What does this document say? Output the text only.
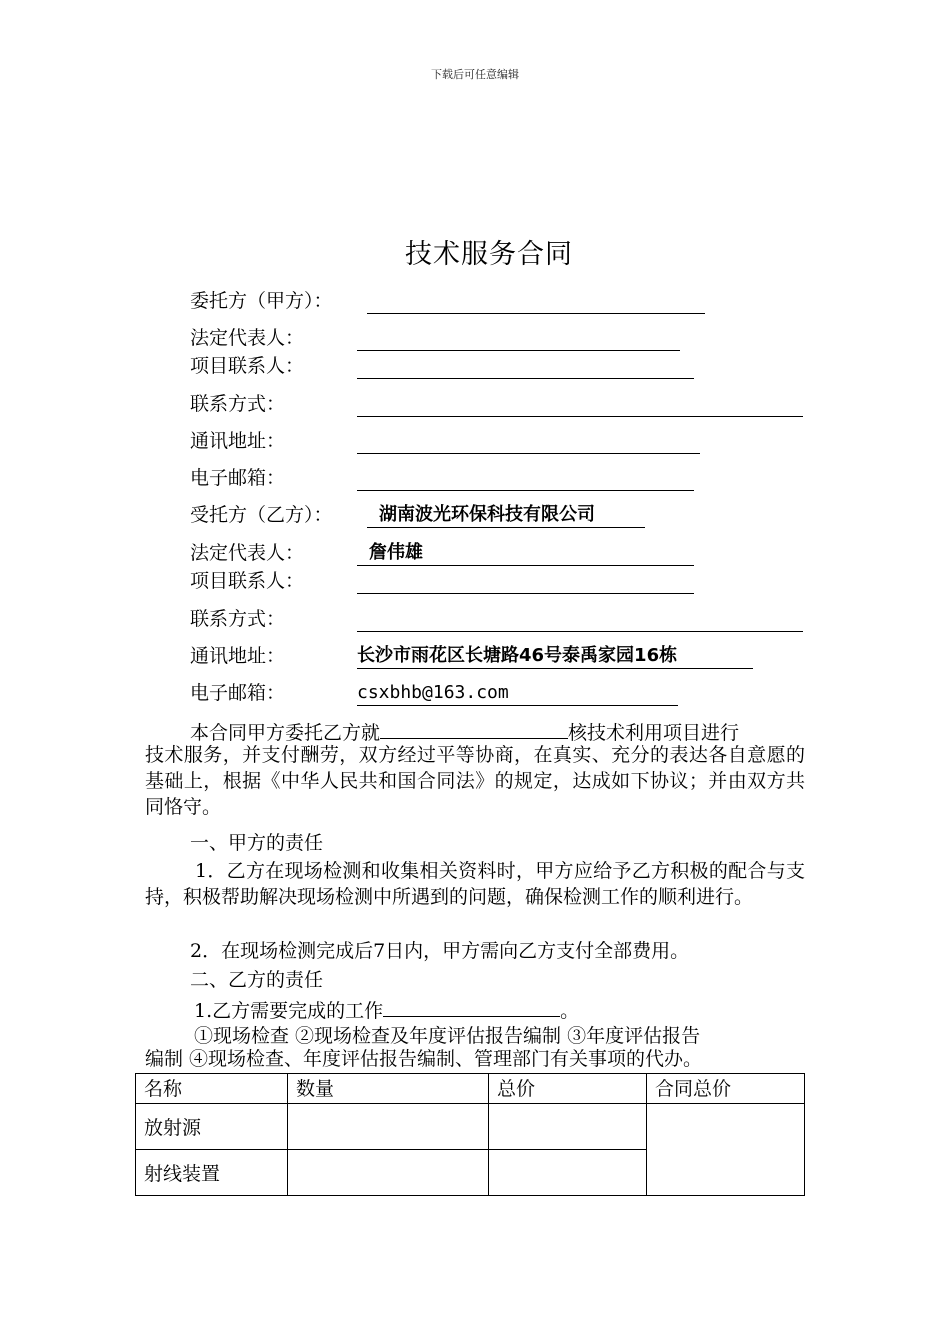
下载后可任意编辑
技术服务合同
委托方（甲方）：
法定代表人：
项目联系人：
联系方式：
通讯地址：
电子邮箱：
受托方（乙方）：	湖南波光环保科技有限公司
法定代表人：	詹伟雄
项目联系人：
联系方式：
通讯地址：	长沙市雨花区长塘路46号泰禹家园16栋
电子邮箱：	csxbhb@163.com
本合同甲方委托乙方就	核技术利用项目进行
技术服务，并支付酬劳，双方经过平等协商，在真实、充分的表达各自意愿的基础上，根据《中华人民共和国合同法》的规定，达成如下协议；并由双方共同恪守。
一、甲方的责任
1．乙方在现场检测和收集相关资料时，甲方应给予乙方积极的配合与支持，积极帮助解决现场检测中所遇到的问题，确保检测工作的顺利进行。
2．在现场检测完成后7日内，甲方需向乙方支付全部费用。
二、乙方的责任
1.乙方需要完成的工作	。
①现场检查 ②现场检查及年度评估报告编制 ③年度评估报告
编制 ④现场检查、年度评估报告编制、管理部门有关事项的代办。
名称	数量	总价	合同总价
放射源			
射线装置			
